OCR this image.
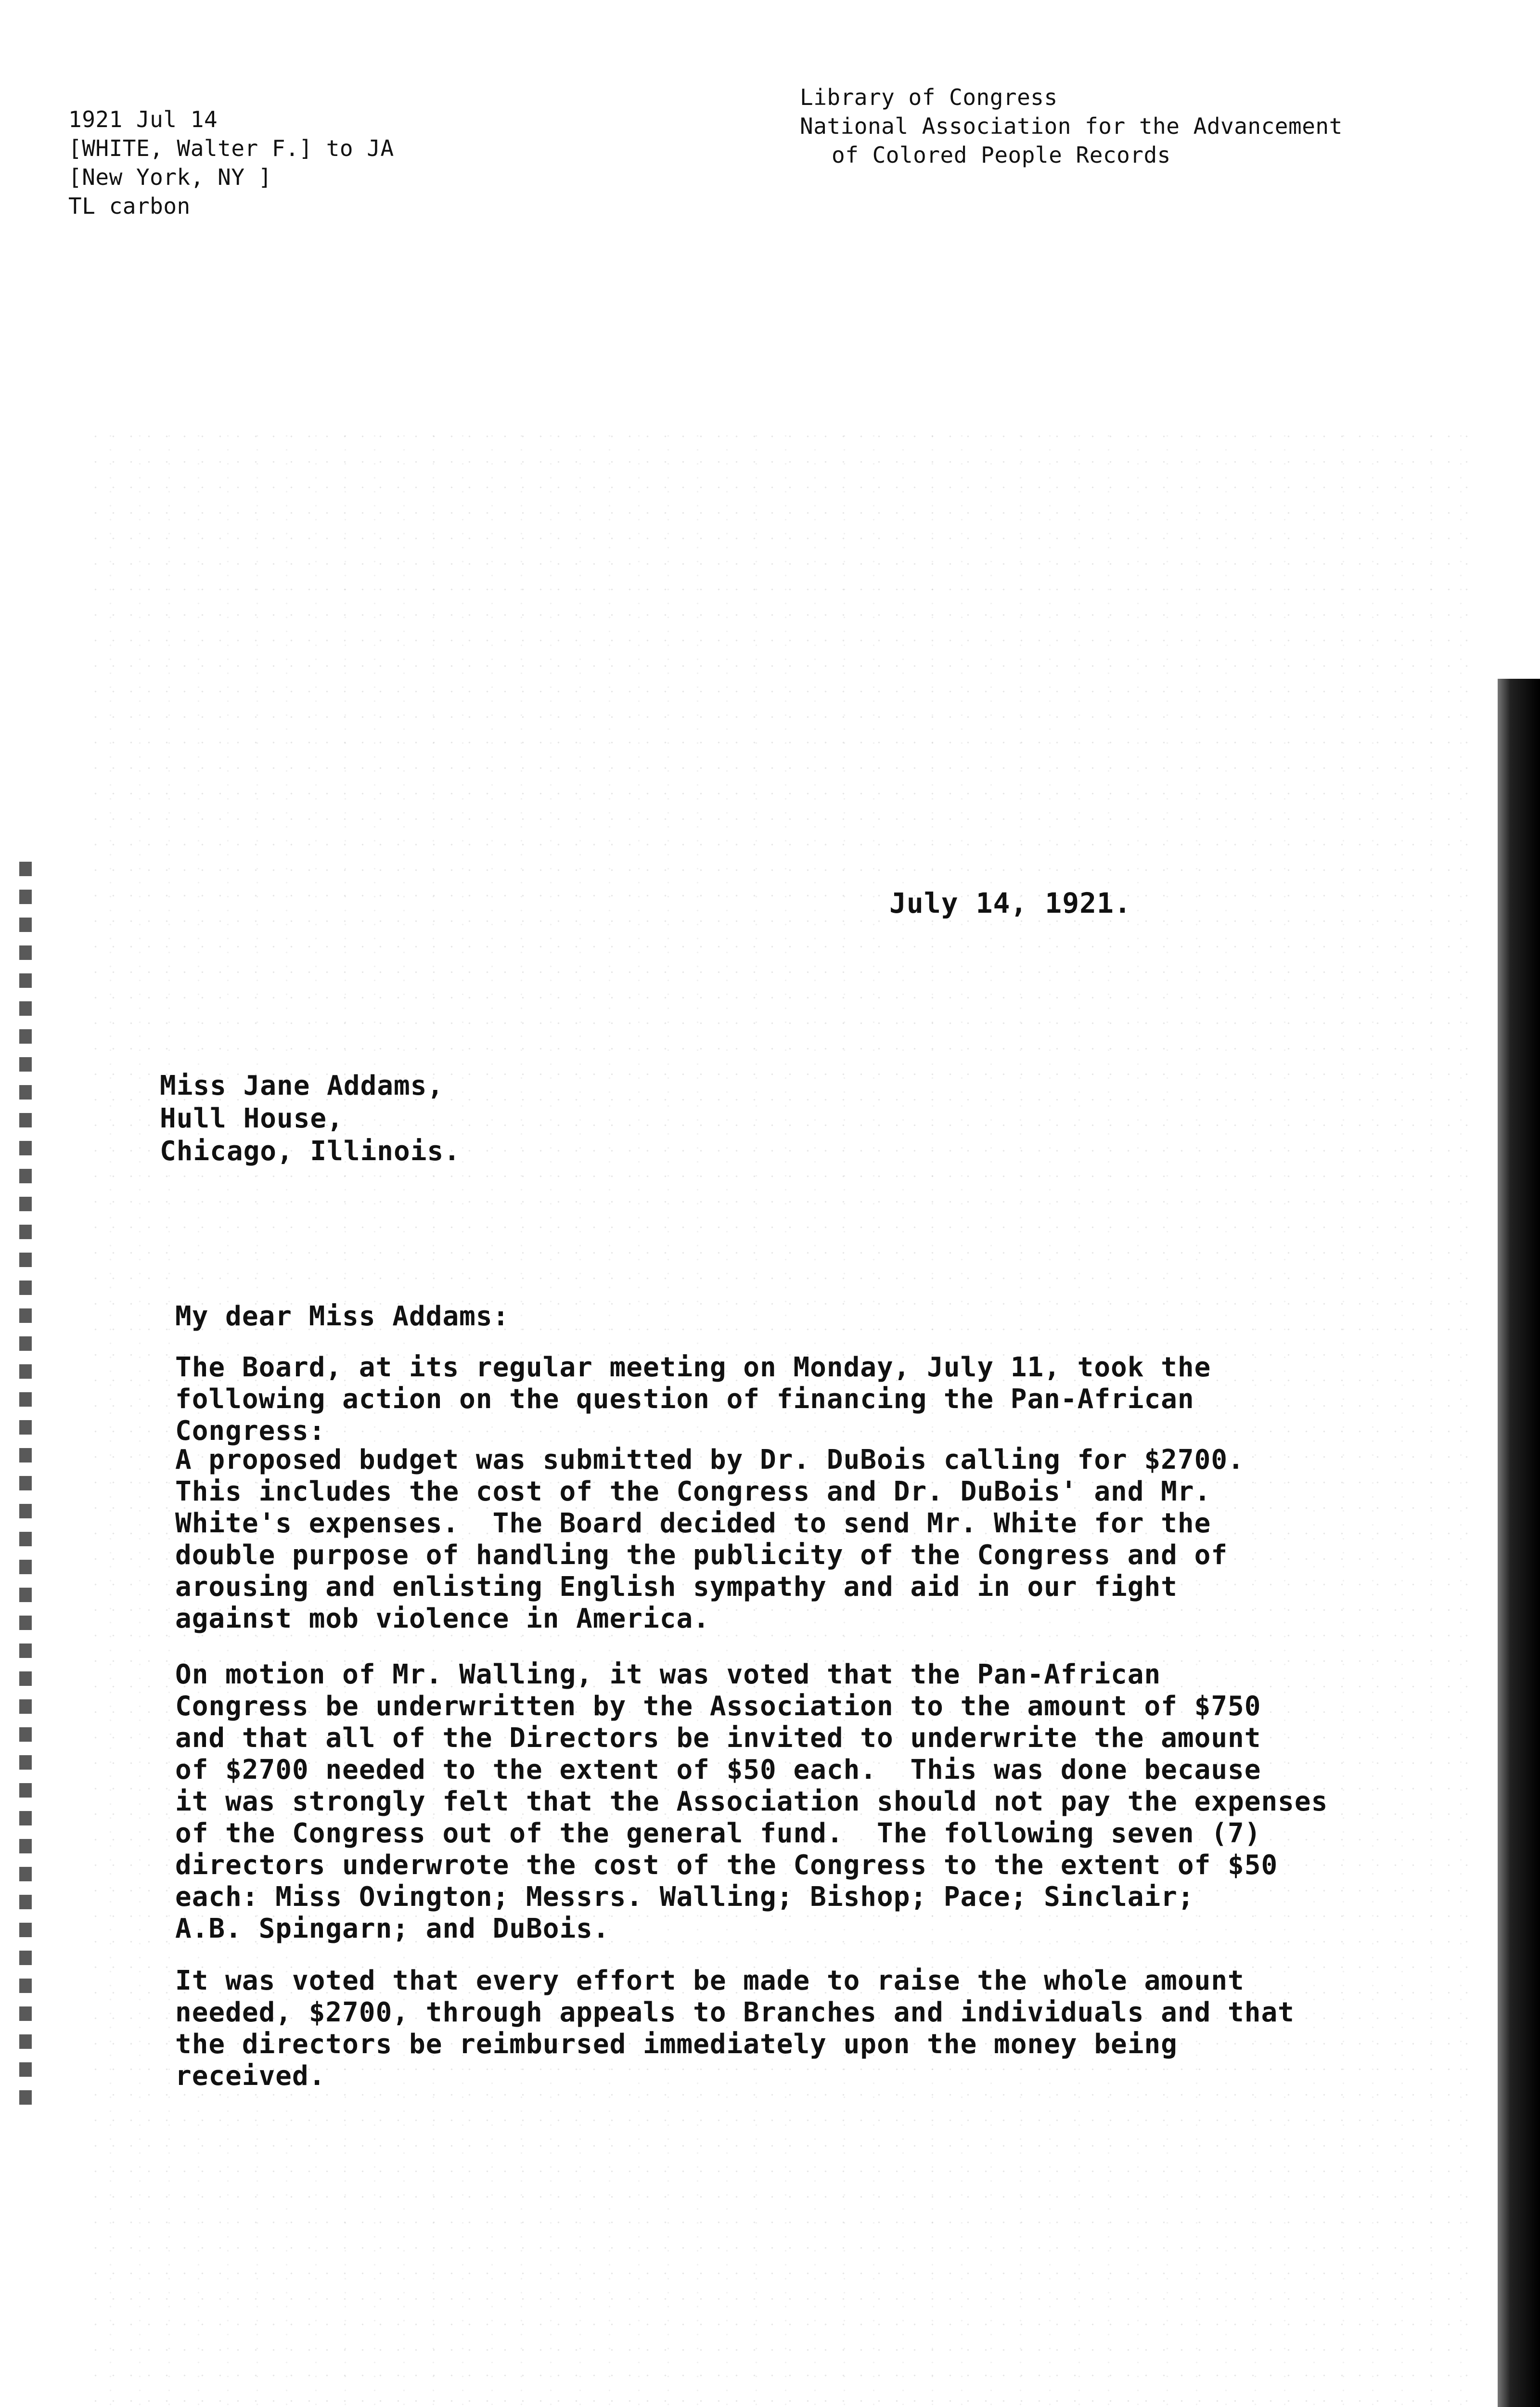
1921 Jul 14
[WHITE, Walter F.] to JA
[New York, NY ]
TL carbon
Library of Congress
National Association for the Advancement
of Colored People Records
July 14, 1921.
Miss Jane Addams,
Hull House,
Chicago, Illinois.
My dear Miss Addams:
The Board, at its regular meeting on Monday, July 11, took the
following action on the question of financing the Pan-African
Congress:
A proposed budget was submitted by Dr. DuBois calling for $2700.
This includes the cost of the Congress and Dr. DuBois' and Mr.
White's expenses.  The Board decided to send Mr. White for the
double purpose of handling the publicity of the Congress and of
arousing and enlisting English sympathy and aid in our fight
against mob violence in America.
On motion of Mr. Walling, it was voted that the Pan-African
Congress be underwritten by the Association to the amount of $750
and that all of the Directors be invited to underwrite the amount
of $2700 needed to the extent of $50 each.  This was done because
it was strongly felt that the Association should not pay the expenses
of the Congress out of the general fund.  The following seven (7)
directors underwrote the cost of the Congress to the extent of $50
each: Miss Ovington; Messrs. Walling; Bishop; Pace; Sinclair;
A.B. Spingarn; and DuBois.
It was voted that every effort be made to raise the whole amount
needed, $2700, through appeals to Branches and individuals and that
the directors be reimbursed immediately upon the money being
received.
